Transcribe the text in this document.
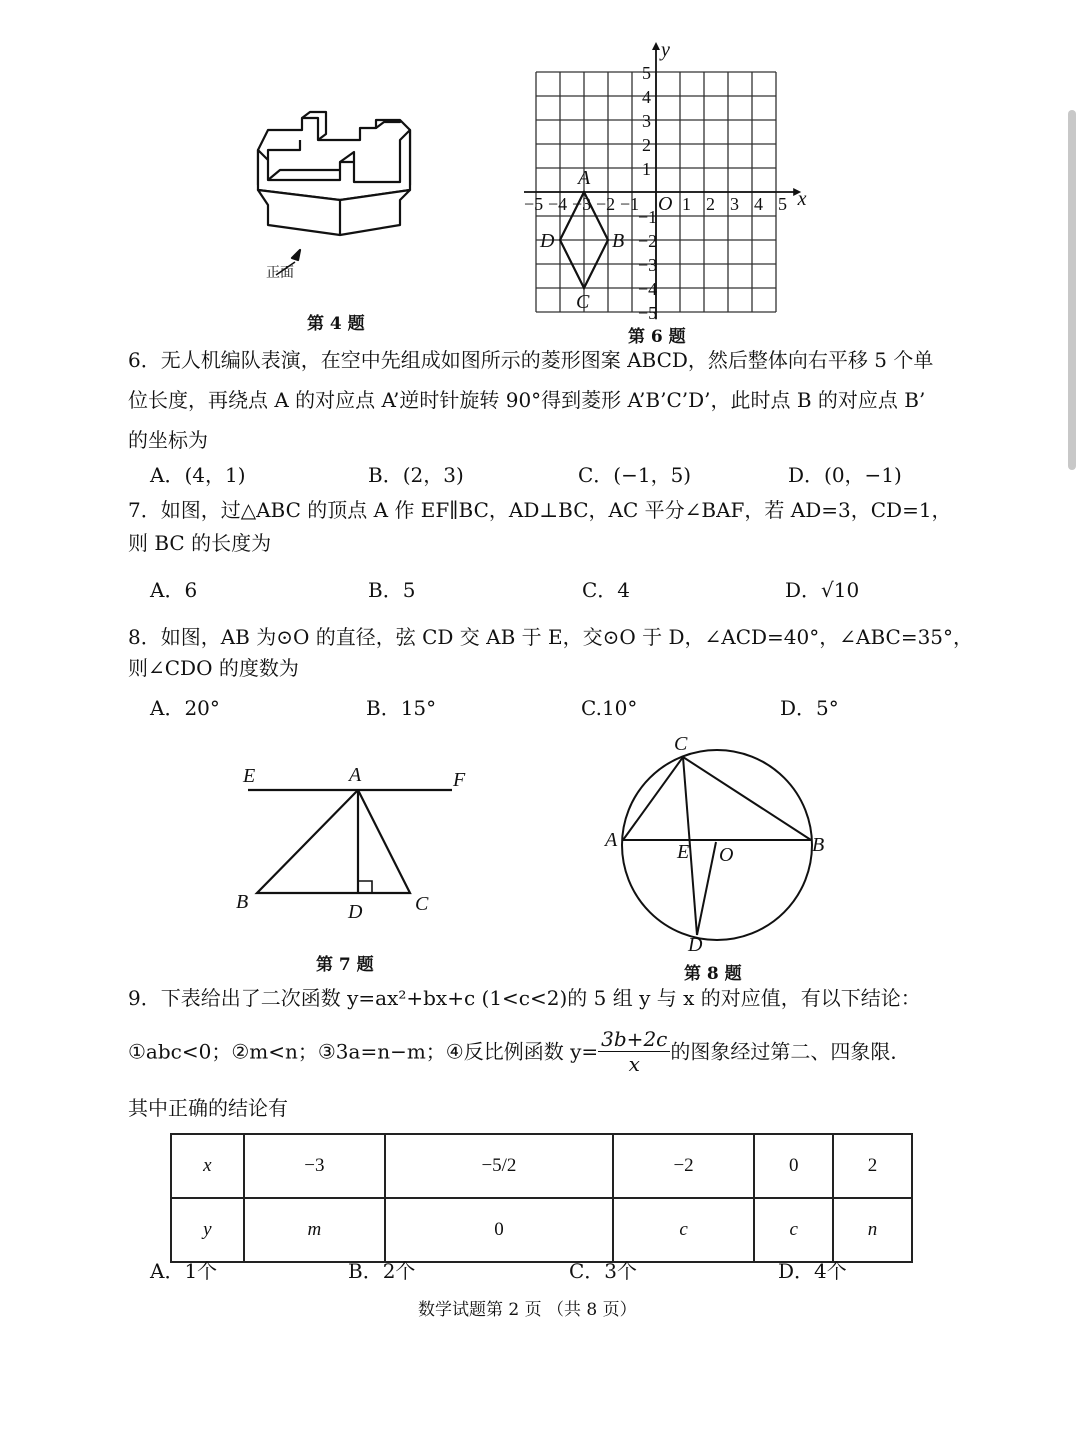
正面
第 4 题
x
y
O
−5 −4 −3 −2 −1 1 2 3 4 5
5
4
3
2
1
−1
−2
−3
−4
−5
A
B
C
D
第 6 题
6．无人机编队表演，在空中先组成如图所示的菱形图案 ABCD，然后整体向右平移 5 个单
位长度，再绕点 A 的对应点 A’逆时针旋转 90°得到菱形 A’B’C’D’，此时点 B 的对应点 B’
的坐标为
A．(4，1)	B．(2，3)	C．(−1，5)	D．(0，−1)
7．如图，过△ABC 的顶点 A 作 EF∥BC，AD⊥BC，AC 平分∠BAF，若 AD=3，CD=1，
则 BC 的长度为
A．6	B．5	C．4	D．√10
8．如图，AB 为⊙O 的直径，弦 CD 交 AB 于 E，交⊙O 于 D，∠ACD=40°，∠ABC=35°，
则∠CDO 的度数为
A．20°	B．15°	C.10°	D．5°
E	A	F
B	D	C
第 7 题
C
A	B
E O
D
第 8 题
9．下表给出了二次函数 y=ax²+bx+c (1<c<2)的 5 组 y 与 x 的对应值，有以下结论：
①abc<0；②m<n；③3a=n−m；④反比例函数 $y= \frac{3b+2c}{x}$ 的图象经过第二、四象限．
其中正确的结论有
x	−3	−5/2	−2	0	2
y	m	0	c	c	n
A．1个	B．2个	C．3个	D．4个
数学试题第 2 页 （共 8 页）
